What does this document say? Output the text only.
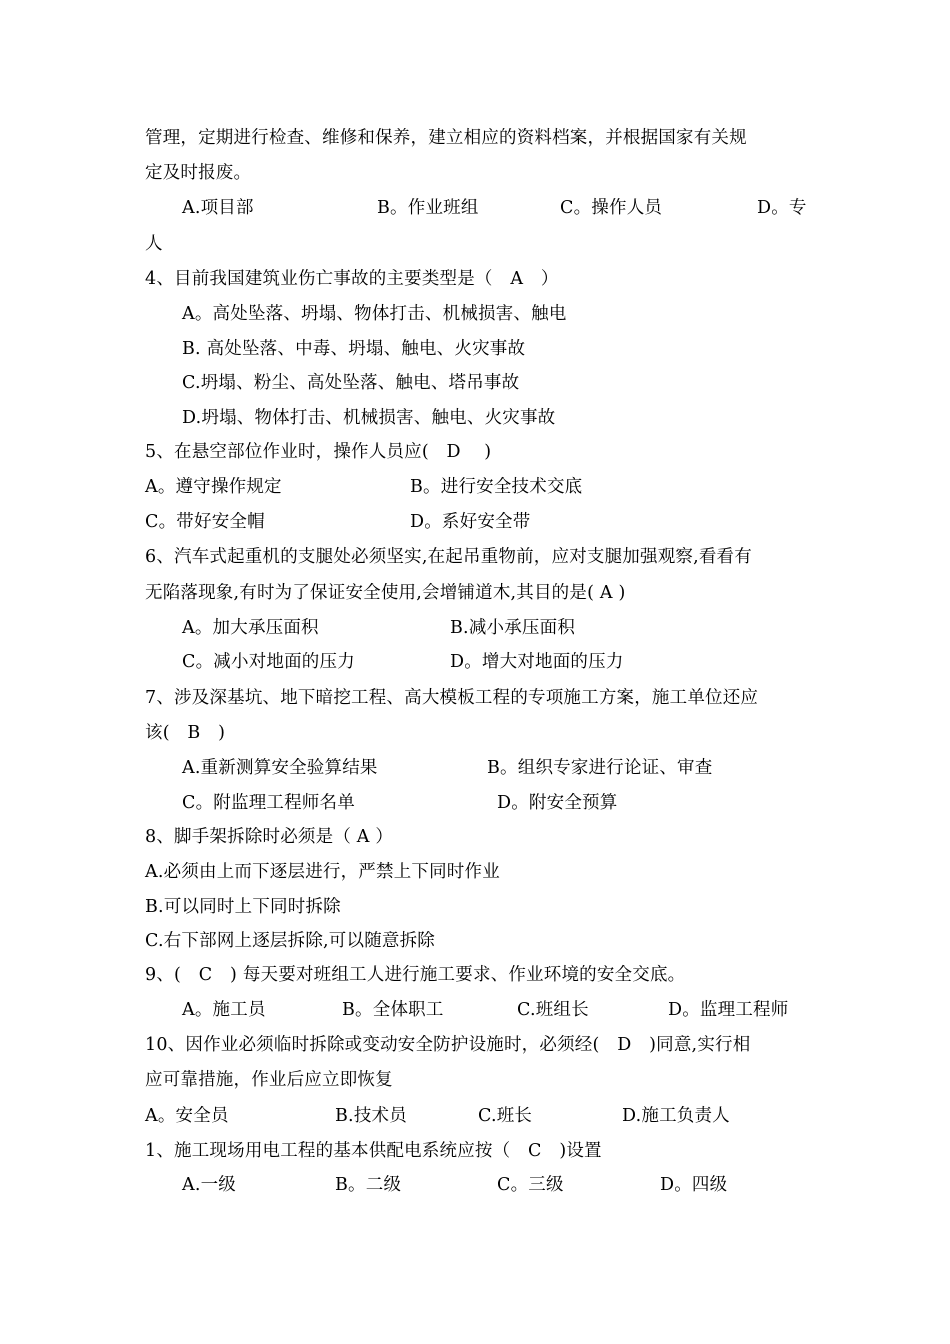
管理，定期进行检查、维修和保养，建立相应的资料档案，并根据国家有关规
定及时报废。
A.项目部	B。作业班组	C。操作人员	D。专
人
4、目前我国建筑业伤亡事故的主要类型是（　A　）
A。高处坠落、坍塌、物体打击、机械损害、触电
B. 高处坠落、中毒、坍塌、触电、火灾事故
C.坍塌、粉尘、高处坠落、触电、塔吊事故
D.坍塌、物体打击、机械损害、触电、火灾事故
5、在悬空部位作业时，操作人员应(　D　 )
A。遵守操作规定	B。进行安全技术交底
C。带好安全帽	D。系好安全带
6、汽车式起重机的支腿处必须坚实,在起吊重物前，应对支腿加强观察,看看有
无陷落现象,有时为了保证安全使用,会增铺道木,其目的是( A )
A。加大承压面积	B.减小承压面积
C。减小对地面的压力	D。增大对地面的压力
7、涉及深基坑、地下暗挖工程、高大模板工程的专项施工方案，施工单位还应
该(　B　)
A.重新测算安全验算结果	B。组织专家进行论证、审查
C。附监理工程师名单	D。附安全预算
8、脚手架拆除时必须是（ A ）
A.必须由上而下逐层进行，严禁上下同时作业
B.可以同时上下同时拆除
C.右下部网上逐层拆除,可以随意拆除
9、(　C　) 每天要对班组工人进行施工要求、作业环境的安全交底。
A。施工员	B。全体职工	C.班组长	D。监理工程师
10、因作业必须临时拆除或变动安全防护设施时，必须经(　D　)同意,实行相
应可靠措施，作业后应立即恢复
A。安全员	B.技术员	C.班长	D.施工负责人
1、施工现场用电工程的基本供配电系统应按（　C　)设置
A.一级	B。二级	C。三级	D。四级
